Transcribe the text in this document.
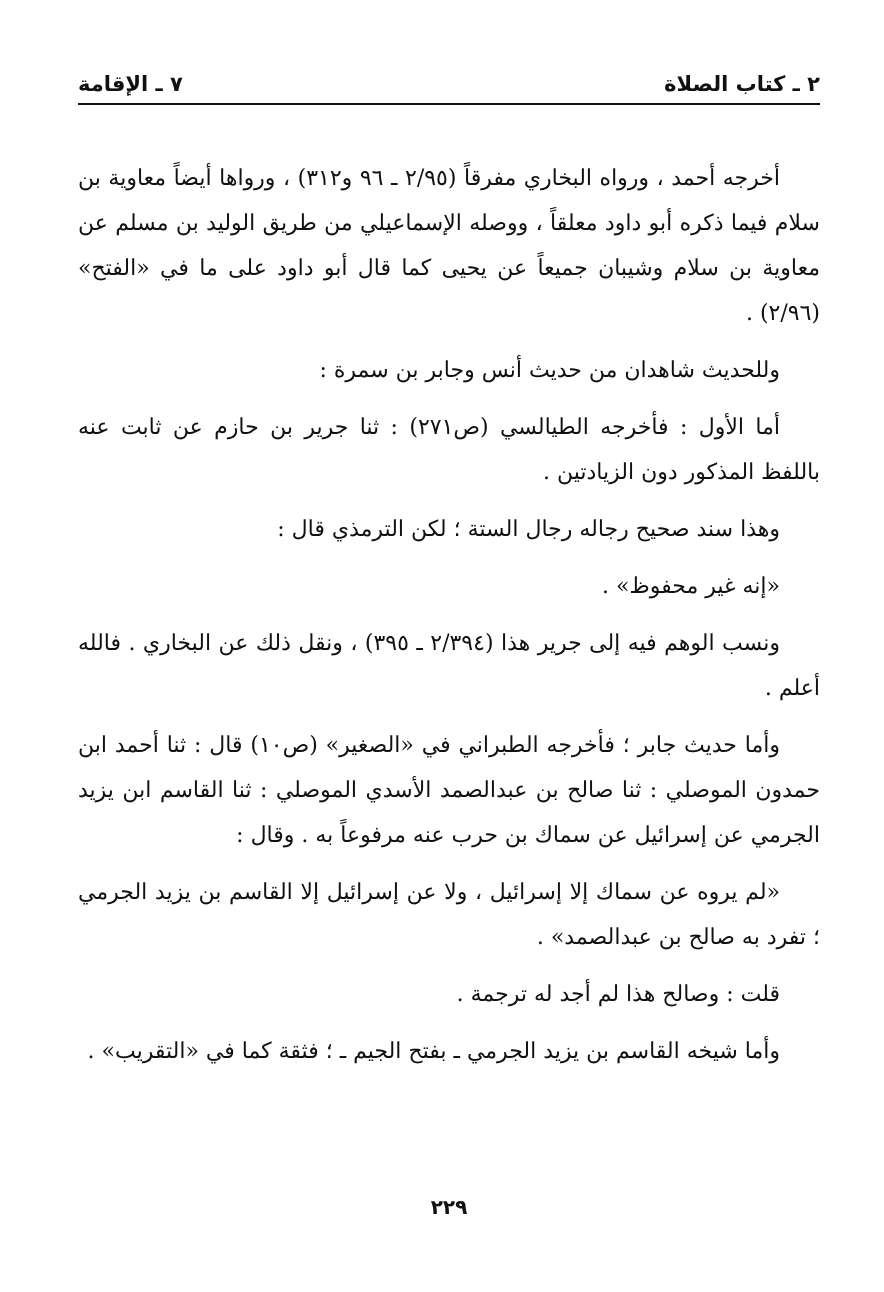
٢ ـ كتاب الصلاة
٧ ـ الإقامة

أخرجه أحمد ، ورواه البخاري مفرقاً (٢/٩٥ ـ ٩٦ و٣١٢) ، ورواها أيضاً معاوية بن سلام فيما ذكره أبو داود معلقاً ، ووصله الإسماعيلي من طريق الوليد بن مسلم عن معاوية بن سلام وشيبان جميعاً عن يحيى كما قال أبو داود على ما في «الفتح» (٢/٩٦) .

وللحديث شاهدان من حديث أنس وجابر بن سمرة :

أما الأول : فأخرجه الطيالسي (ص٢٧١) : ثنا جرير بن حازم عن ثابت عنه باللفظ المذكور دون الزيادتين .

وهذا سند صحيح رجاله رجال الستة ؛ لكن الترمذي قال :

«إنه غير محفوظ» .

ونسب الوهم فيه إلى جرير هذا (٢/٣٩٤ ـ ٣٩٥) ، ونقل ذلك عن البخاري . فالله أعلم .

وأما حديث جابر ؛ فأخرجه الطبراني في «الصغير» (ص١٠) قال : ثنا أحمد ابن حمدون الموصلي : ثنا صالح بن عبدالصمد الأسدي الموصلي : ثنا القاسم ابن يزيد الجرمي عن إسرائيل عن سماك بن حرب عنه مرفوعاً به . وقال :

«لم يروه عن سماك إلا إسرائيل ، ولا عن إسرائيل إلا القاسم بن يزيد الجرمي ؛ تفرد به صالح بن عبدالصمد» .

قلت : وصالح هذا لم أجد له ترجمة .

وأما شيخه القاسم بن يزيد الجرمي ـ بفتح الجيم ـ ؛ فثقة كما في «التقريب» .

٢٢٩
